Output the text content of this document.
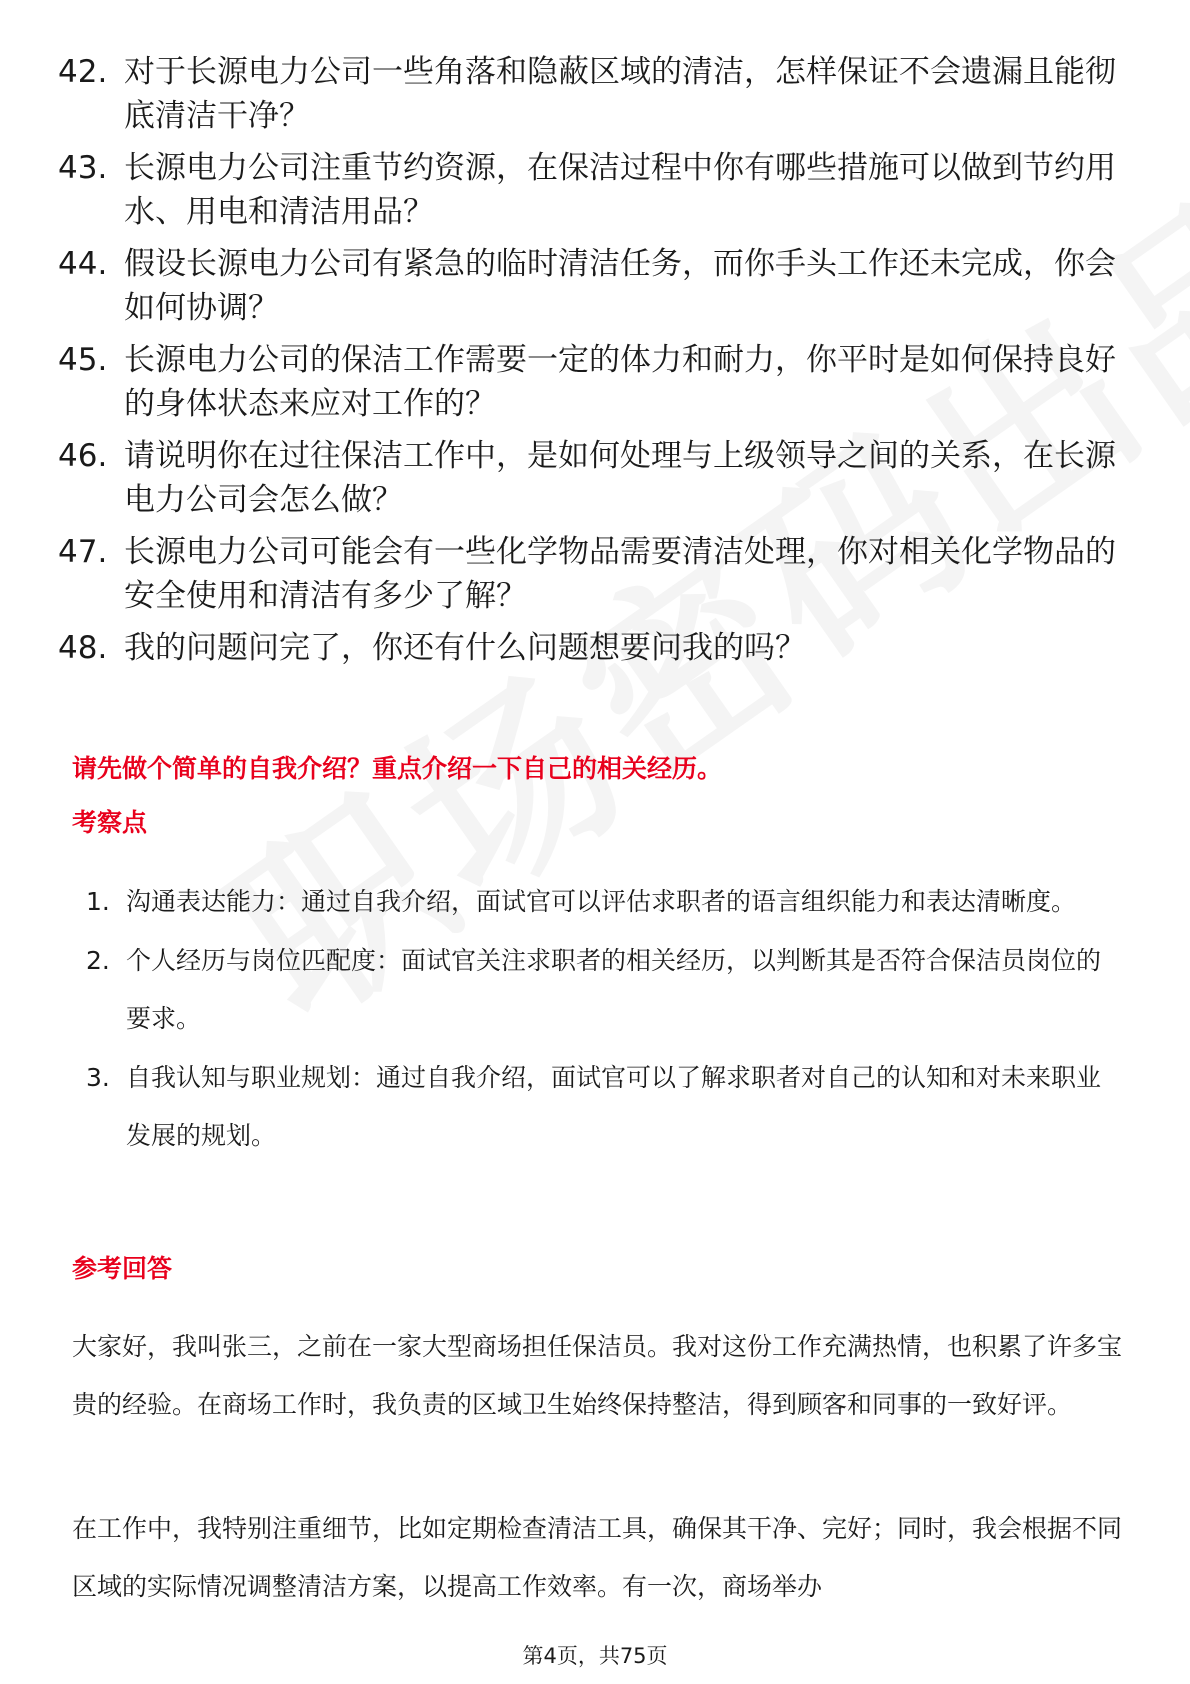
42. 对于长源电力公司一些角落和隐蔽区域的清洁，怎样保证不会遗漏且能彻底清洁干净？
43. 长源电力公司注重节约资源，在保洁过程中你有哪些措施可以做到节约用水、用电和清洁用品？
44. 假设长源电力公司有紧急的临时清洁任务，而你手头工作还未完成，你会如何协调？
45. 长源电力公司的保洁工作需要一定的体力和耐力，你平时是如何保持良好的身体状态来应对工作的？
46. 请说明你在过往保洁工作中，是如何处理与上级领导之间的关系，在长源电力公司会怎么做？
47. 长源电力公司可能会有一些化学物品需要清洁处理，你对相关化学物品的安全使用和清洁有多少了解？
48. 我的问题问完了，你还有什么问题想要问我的吗？
请先做个简单的自我介绍？重点介绍一下自己的相关经历。
考察点
1. 沟通表达能力：通过自我介绍，面试官可以评估求职者的语言组织能力和表达清晰度。
2. 个人经历与岗位匹配度：面试官关注求职者的相关经历，以判断其是否符合保洁员岗位的要求。
3. 自我认知与职业规划：通过自我介绍，面试官可以了解求职者对自己的认知和对未来职业发展的规划。
参考回答

大家好，我叫张三，之前在一家大型商场担任保洁员。我对这份工作充满热情，也积累了许多宝贵的经验。在商场工作时，我负责的区域卫生始终保持整洁，得到顾客和同事的一致好评。

在工作中，我特别注重细节，比如定期检查清洁工具，确保其干净、完好；同时，我会根据不同区域的实际情况调整清洁方案，以提高工作效率。有一次，商场举办

第4页，共75页
